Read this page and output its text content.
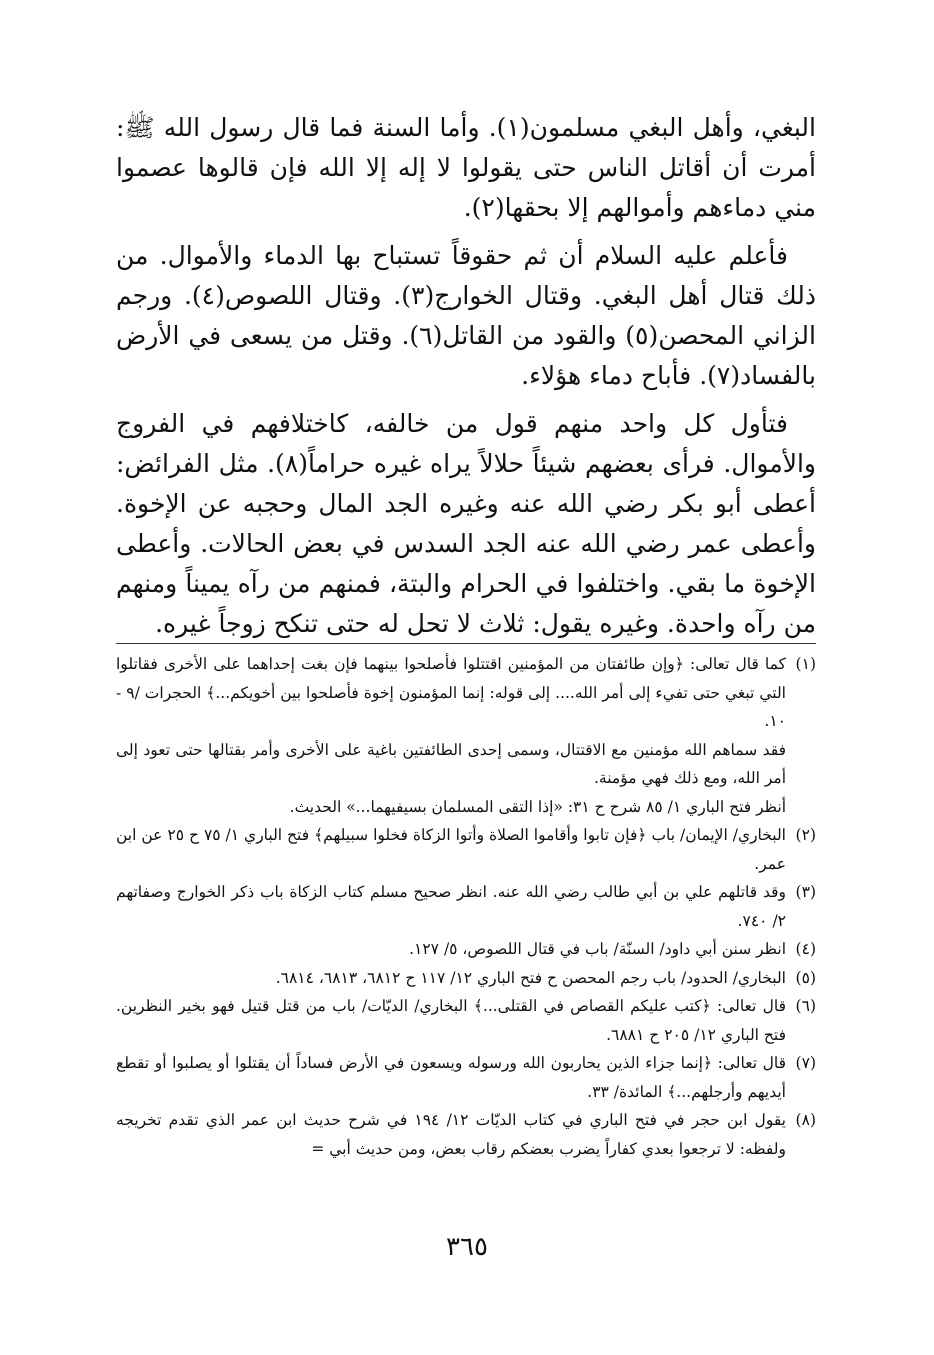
البغي، وأهل البغي مسلمون(١). وأما السنة فما قال رسول الله ﷺ: أمرت أن أقاتل الناس حتى يقولوا لا إله إلا الله فإن قالوها عصموا مني دماءهم وأموالهم إلا بحقها(٢).

فأعلم عليه السلام أن ثم حقوقاً تستباح بها الدماء والأموال. من ذلك قتال أهل البغي. وقتال الخوارج(٣). وقتال اللصوص(٤). ورجم الزاني المحصن(٥) والقود من القاتل(٦). وقتل من يسعى في الأرض بالفساد(٧). فأباح دماء هؤلاء.

فتأول كل واحد منهم قول من خالفه، كاختلافهم في الفروج والأموال. فرأى بعضهم شيئاً حلالاً يراه غيره حراماً(٨). مثل الفرائض: أعطى أبو بكر رضي الله عنه وغيره الجد المال وحجبه عن الإخوة. وأعطى عمر رضي الله عنه الجد السدس في بعض الحالات. وأعطى الإخوة ما بقي. واختلفوا في الحرام والبتة، فمنهم من رآه يميناً ومنهم من رآه واحدة. وغيره يقول: ثلاث لا تحل له حتى تنكح زوجاً غيره.

(١)
كما قال تعالى: ﴿وإن طائفتان من المؤمنين اقتتلوا فأصلحوا بينهما فإن بغت إحداهما على الأخرى فقاتلوا التي تبغي حتى تفيء إلى أمر الله.... إلى قوله: إنما المؤمنون إخوة فأصلحوا بين أخويكم...﴾ الحجرات /٩ - ١٠.
فقد سماهم الله مؤمنين مع الاقتتال، وسمى إحدى الطائفتين باغية على الأخرى وأمر بقتالها حتى تعود إلى أمر الله، ومع ذلك فهي مؤمنة.
أنظر فتح الباري ١/ ٨٥ شرح ح ٣١: «إذا التقى المسلمان بسيفيهما...» الحديث.
(٢)
البخاري/ الإيمان/ باب ﴿فإن تابوا وأقاموا الصلاة وأتوا الزكاة فخلوا سبيلهم﴾ فتح الباري ١/ ٧٥ ح ٢٥ عن ابن عمر.
(٣)
وقد قاتلهم علي بن أبي طالب رضي الله عنه. انظر صحيح مسلم كتاب الزكاة باب ذكر الخوارج وصفاتهم ٢/ ٧٤٠.
(٤)
انظر سنن أبي داود/ السنّة/ باب في قتال اللصوص، ٥/ ١٢٧.
(٥)
البخاري/ الحدود/ باب رجم المحصن ح فتح الباري ١٢/ ١١٧ ح ٦٨١٢، ٦٨١٣، ٦٨١٤.
(٦)
قال تعالى: ﴿كتب عليكم القصاص في القتلى...﴾ البخاري/ الديّات/ باب من قتل قتيل فهو بخير النظرين. فتح الباري ١٢/ ٢٠٥ ح ٦٨٨١.
(٧)
قال تعالى: ﴿إنما جزاء الذين يحاربون الله ورسوله ويسعون في الأرض فساداً أن يقتلوا أو يصلبوا أو تقطع أيديهم وأرجلهم...﴾ المائدة/ ٣٣.
(٨)
يقول ابن حجر في فتح الباري في كتاب الديّات ١٢/ ١٩٤ في شرح حديث ابن عمر الذي تقدم تخريجه ولفظه: لا ترجعوا بعدي كفاراً يضرب بعضكم رقاب بعض، ومن حديث أبي =
٣٦٥
